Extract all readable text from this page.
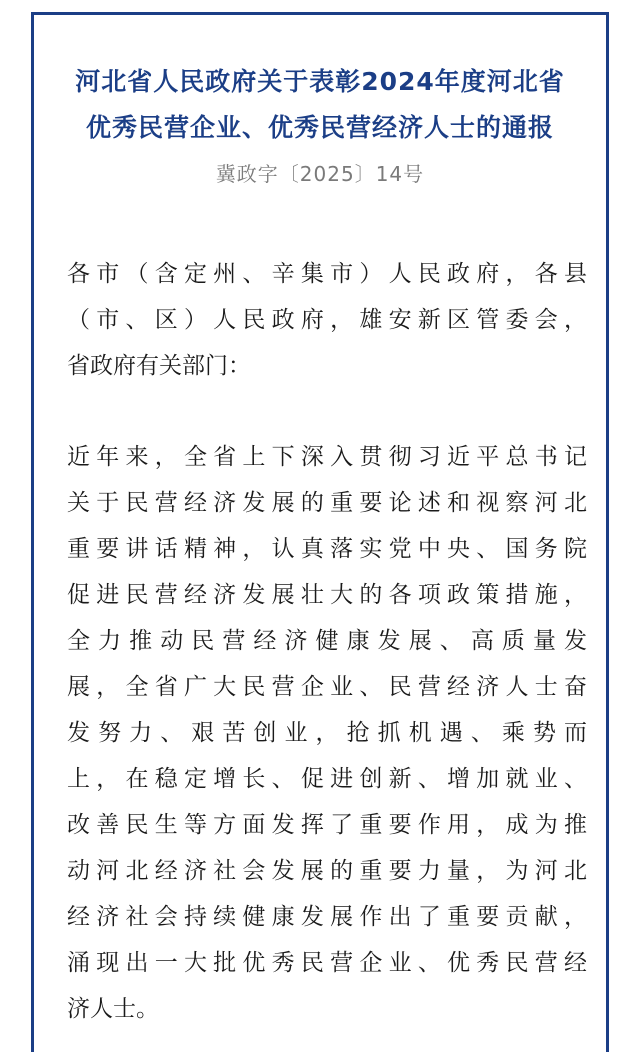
河北省人民政府关于表彰2024年度河北省
优秀民营企业、优秀民营经济人士的通报
冀政字〔2025〕14号
各市（含定州、辛集市）人民政府，各县
（市、区）人民政府，雄安新区管委会，
省政府有关部门：
近年来，全省上下深入贯彻习近平总书记
关于民营经济发展的重要论述和视察河北
重要讲话精神，认真落实党中央、国务院
促进民营经济发展壮大的各项政策措施，
全力推动民营经济健康发展、高质量发
展，全省广大民营企业、民营经济人士奋
发努力、艰苦创业，抢抓机遇、乘势而
上，在稳定增长、促进创新、增加就业、
改善民生等方面发挥了重要作用，成为推
动河北经济社会发展的重要力量，为河北
经济社会持续健康发展作出了重要贡献，
涌现出一大批优秀民营企业、优秀民营经
济人士。
